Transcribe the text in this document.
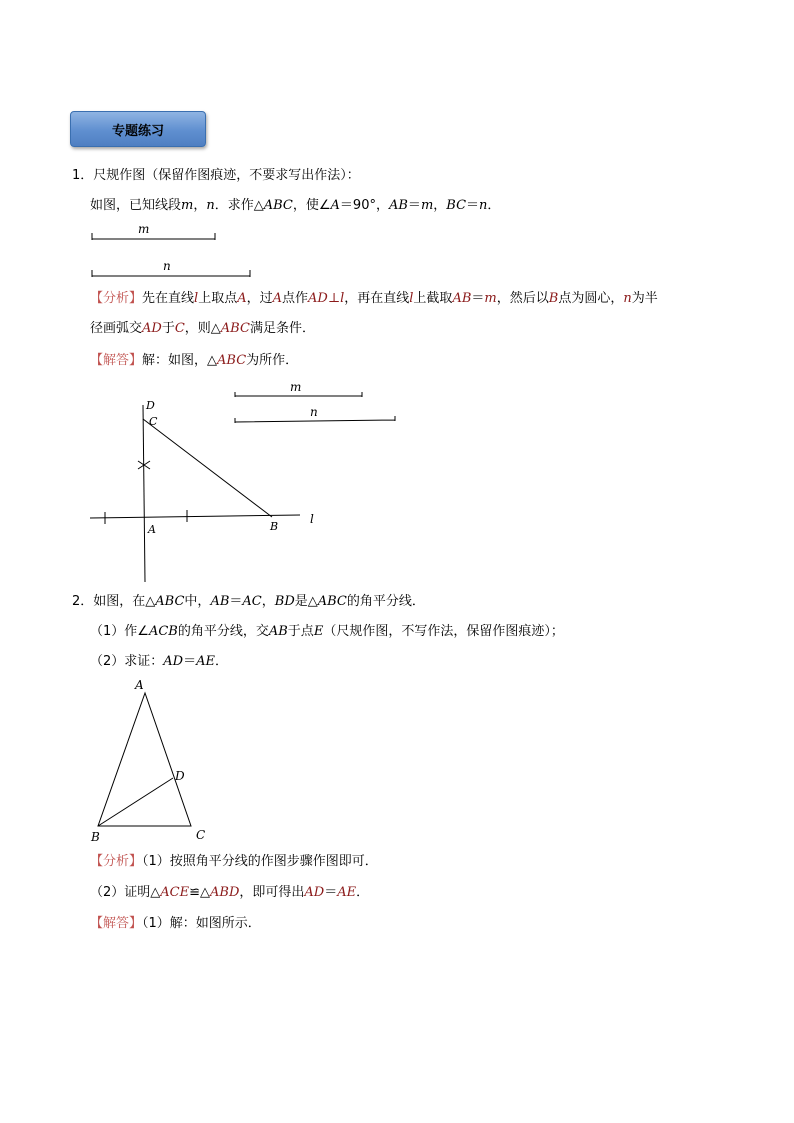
专题练习
1．尺规作图（保留作图痕迹，不要求写出作法）：
如图，已知线段m，n．求作△ABC，使∠A＝90°，AB＝m，BC＝n．
m
n
【分析】先在直线l上取点A，过A点作AD⊥l，再在直线l上截取AB＝m，然后以B点为圆心，n为半
径画弧交AD于C，则△ABC满足条件．
【解答】解：如图，△ABC为所作．
D
C
A	B
l
m
n
2．如图，在△ABC中，AB＝AC，BD是△ABC的角平分线．
（1）作∠ACB的角平分线，交AB于点E（尺规作图，不写作法，保留作图痕迹）；
（2）求证：AD＝AE．
A
D
B	C
【分析】（1）按照角平分线的作图步骤作图即可．
（2）证明△ACE≌△ABD，即可得出AD＝AE．
【解答】（1）解：如图所示．
